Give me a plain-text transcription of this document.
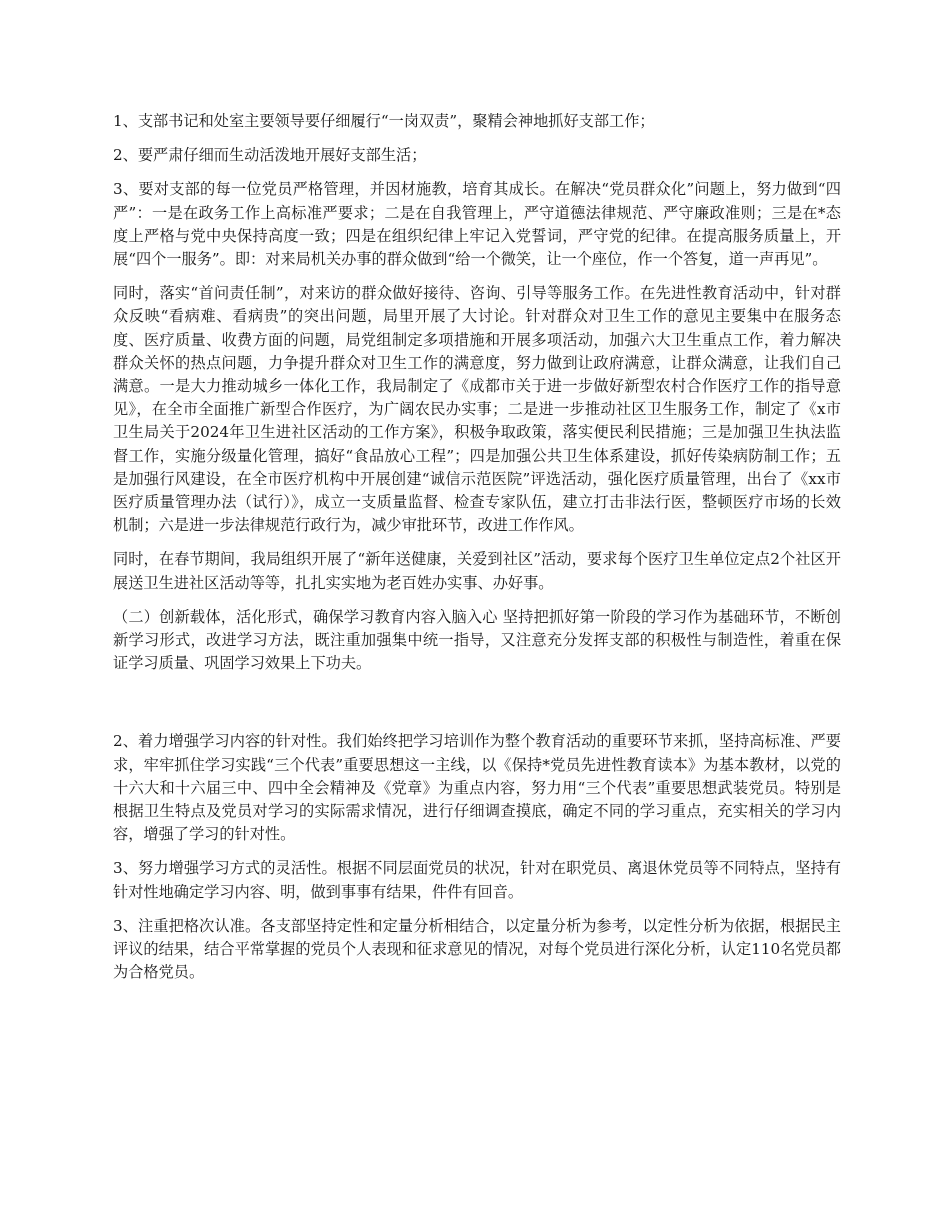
1、支部书记和处室主要领导要仔细履行“一岗双责”，聚精会神地抓好支部工作；

2、要严肃仔细而生动活泼地开展好支部生活；

3、要对支部的每一位党员严格管理，并因材施教，培育其成长。在解决“党员群众化”问题上，努力做到“四严”：一是在政务工作上高标准严要求；二是在自我管理上，严守道德法律规范、严守廉政准则；三是在*态度上严格与党中央保持高度一致；四是在组织纪律上牢记入党誓词，严守党的纪律。在提高服务质量上，开展“四个一服务”。即：对来局机关办事的群众做到“给一个微笑，让一个座位，作一个答复，道一声再见”。

同时，落实“首问责任制”，对来访的群众做好接待、咨询、引导等服务工作。在先进性教育活动中，针对群众反映“看病难、看病贵”的突出问题，局里开展了大讨论。针对群众对卫生工作的意见主要集中在服务态度、医疗质量、收费方面的问题，局党组制定多项措施和开展多项活动，加强六大卫生重点工作，着力解决群众关怀的热点问题，力争提升群众对卫生工作的满意度，努力做到让政府满意，让群众满意，让我们自己满意。一是大力推动城乡一体化工作，我局制定了《成都市关于进一步做好新型农村合作医疗工作的指导意见》，在全市全面推广新型合作医疗，为广阔农民办实事；二是进一步推动社区卫生服务工作，制定了《x市卫生局关于2024年卫生进社区活动的工作方案》，积极争取政策，落实便民利民措施；三是加强卫生执法监督工作，实施分级量化管理，搞好“食品放心工程”；四是加强公共卫生体系建设，抓好传染病防制工作；五是加强行风建设，在全市医疗机构中开展创建“诚信示范医院”评选活动，强化医疗质量管理，出台了《xx市医疗质量管理办法（试行）》，成立一支质量监督、检查专家队伍，建立打击非法行医，整顿医疗市场的长效机制；六是进一步法律规范行政行为，减少审批环节，改进工作作风。

同时，在春节期间，我局组织开展了“新年送健康，关爱到社区”活动，要求每个医疗卫生单位定点2个社区开展送卫生进社区活动等等，扎扎实实地为老百姓办实事、办好事。

（二）创新载体，活化形式，确保学习教育内容入脑入心 坚持把抓好第一阶段的学习作为基础环节，不断创新学习形式，改进学习方法，既注重加强集中统一指导，又注意充分发挥支部的积极性与制造性，着重在保证学习质量、巩固学习效果上下功夫。

2、着力增强学习内容的针对性。我们始终把学习培训作为整个教育活动的重要环节来抓，坚持高标准、严要求，牢牢抓住学习实践“三个代表”重要思想这一主线，以《保持*党员先进性教育读本》为基本教材，以党的十六大和十六届三中、四中全会精神及《党章》为重点内容，努力用“三个代表”重要思想武装党员。特别是根据卫生特点及党员对学习的实际需求情况，进行仔细调查摸底，确定不同的学习重点，充实相关的学习内容，增强了学习的针对性。

3、努力增强学习方式的灵活性。根据不同层面党员的状况，针对在职党员、离退休党员等不同特点，坚持有针对性地确定学习内容、明，做到事事有结果，件件有回音。

3、注重把格次认准。各支部坚持定性和定量分析相结合，以定量分析为参考，以定性分析为依据，根据民主评议的结果，结合平常掌握的党员个人表现和征求意见的情况，对每个党员进行深化分析，认定110名党员都为合格党员。
